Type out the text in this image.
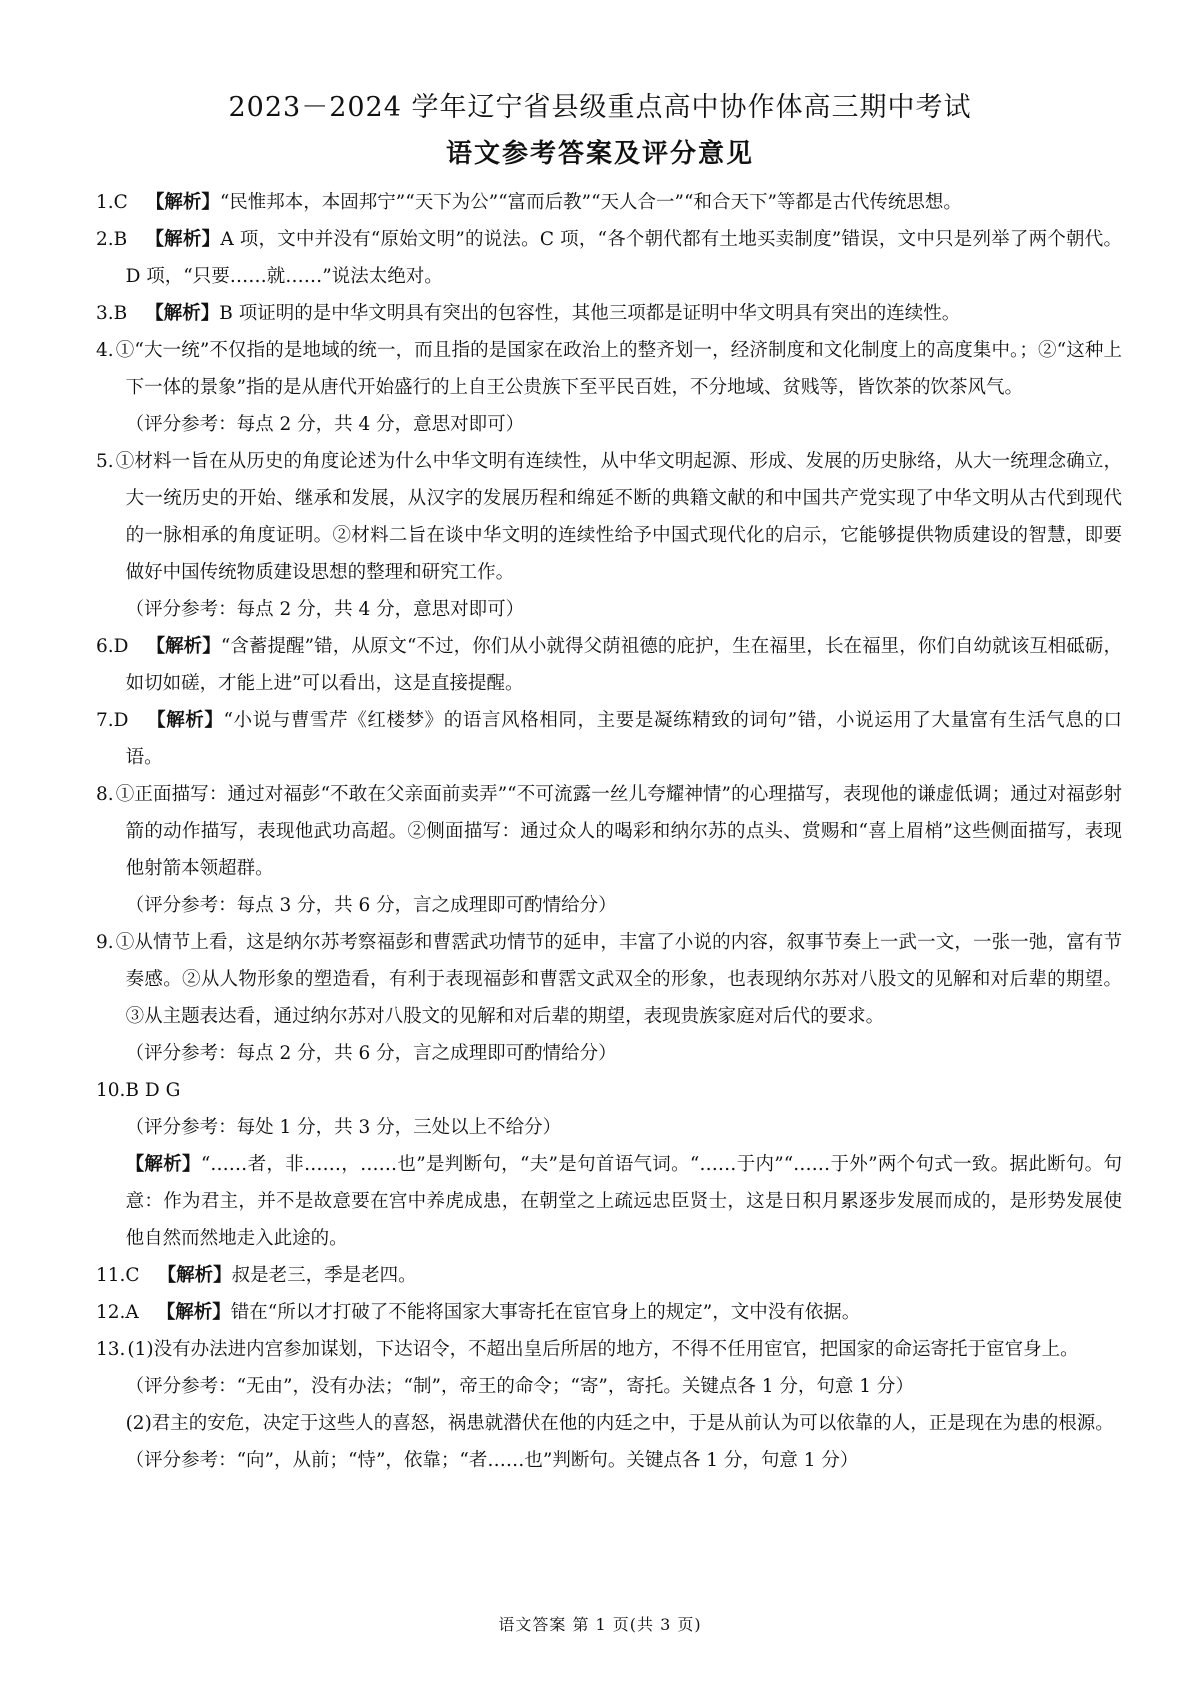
2023－2024 学年辽宁省县级重点高中协作体高三期中考试
语文参考答案及评分意见
1.C 【解析】“民惟邦本，本固邦宁”“天下为公”“富而后教”“天人合一”“和合天下”等都是古代传统思想。
2.B 【解析】A 项，文中并没有“原始文明”的说法。C 项，“各个朝代都有土地买卖制度”错误，文中只是列举了两个朝代。D 项，“只要……就……”说法太绝对。
3.B 【解析】B 项证明的是中华文明具有突出的包容性，其他三项都是证明中华文明具有突出的连续性。
4. ①“大一统”不仅指的是地域的统一，而且指的是国家在政治上的整齐划一，经济制度和文化制度上的高度集中。；②“这种上下一体的景象”指的是从唐代开始盛行的上自王公贵族下至平民百姓，不分地域、贫贱等，皆饮茶的饮茶风气。
（评分参考：每点 2 分，共 4 分，意思对即可）
5. ①材料一旨在从历史的角度论述为什么中华文明有连续性，从中华文明起源、形成、发展的历史脉络，从大一统理念确立，大一统历史的开始、继承和发展，从汉字的发展历程和绵延不断的典籍文献的和中国共产党实现了中华文明从古代到现代的一脉相承的角度证明。②材料二旨在谈中华文明的连续性给予中国式现代化的启示，它能够提供物质建设的智慧，即要做好中国传统物质建设思想的整理和研究工作。
（评分参考：每点 2 分，共 4 分，意思对即可）
6.D 【解析】“含蓄提醒”错，从原文“不过，你们从小就得父荫祖德的庇护，生在福里，长在福里，你们自幼就该互相砥砺，如切如磋，才能上进”可以看出，这是直接提醒。
7.D 【解析】“小说与曹雪芹《红楼梦》的语言风格相同，主要是凝练精致的词句”错，小说运用了大量富有生活气息的口语。
8. ①正面描写：通过对福彭“不敢在父亲面前卖弄”“不可流露一丝儿夸耀神情”的心理描写，表现他的谦虚低调；通过对福彭射箭的动作描写，表现他武功高超。②侧面描写：通过众人的喝彩和纳尔苏的点头、赏赐和“喜上眉梢”这些侧面描写，表现他射箭本领超群。
（评分参考：每点 3 分，共 6 分，言之成理即可酌情给分）
9. ①从情节上看，这是纳尔苏考察福彭和曹霑武功情节的延申，丰富了小说的内容，叙事节奏上一武一文，一张一弛，富有节奏感。②从人物形象的塑造看，有利于表现福彭和曹霑文武双全的形象，也表现纳尔苏对八股文的见解和对后辈的期望。③从主题表达看，通过纳尔苏对八股文的见解和对后辈的期望，表现贵族家庭对后代的要求。
（评分参考：每点 2 分，共 6 分，言之成理即可酌情给分）
10.B D G
（评分参考：每处 1 分，共 3 分，三处以上不给分）
【解析】“……者，非……，……也”是判断句，“夫”是句首语气词。“……于内”“……于外”两个句式一致。据此断句。句意：作为君主，并不是故意要在宫中养虎成患，在朝堂之上疏远忠臣贤士，这是日积月累逐步发展而成的，是形势发展使他自然而然地走入此途的。
11.C 【解析】叔是老三，季是老四。
12.A 【解析】错在“所以才打破了不能将国家大事寄托在宦官身上的规定”，文中没有依据。
13. (1)没有办法进内宫参加谋划，下达诏令，不超出皇后所居的地方，不得不任用宦官，把国家的命运寄托于宦官身上。
（评分参考：“无由”，没有办法；“制”，帝王的命令；“寄”，寄托。关键点各 1 分，句意 1 分）
(2)君主的安危，决定于这些人的喜怒，祸患就潜伏在他的内廷之中，于是从前认为可以依靠的人，正是现在为患的根源。
（评分参考：“向”，从前；“恃”，依靠；“者……也”判断句。关键点各 1 分，句意 1 分）
语文答案 第 1 页(共 3 页)
